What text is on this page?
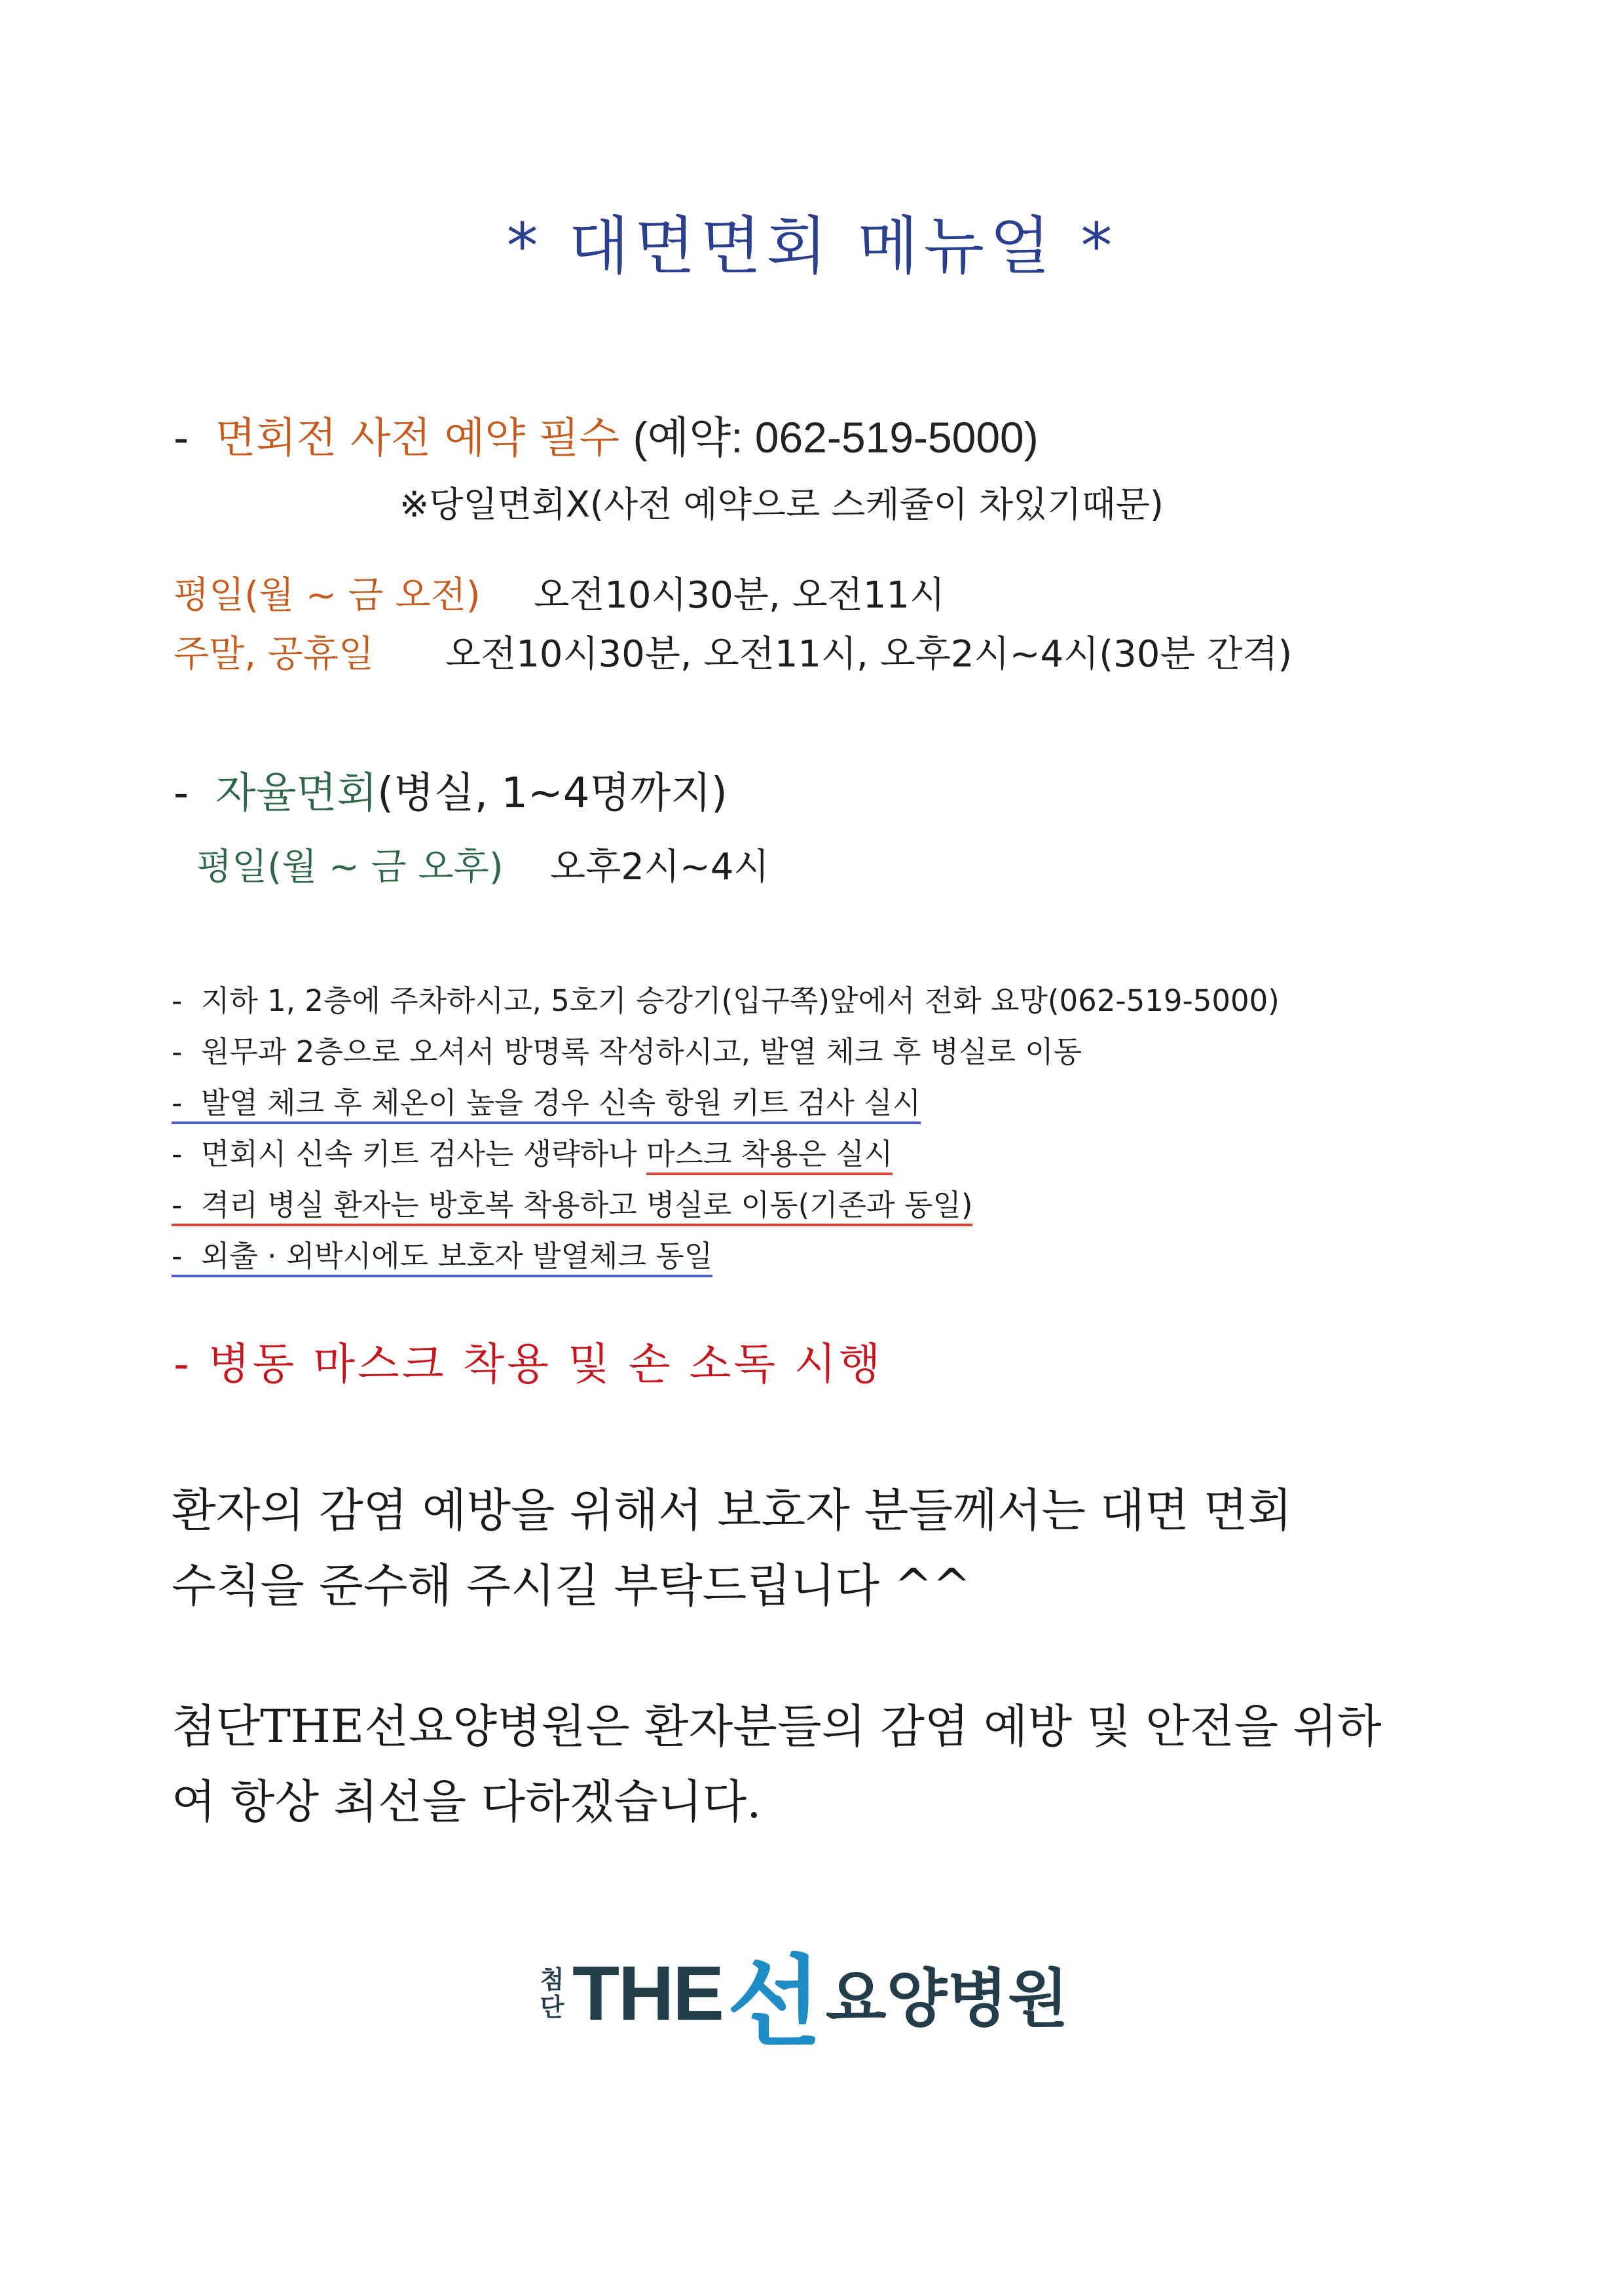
* 대면면회 메뉴얼 *
- 면회전 사전 예약 필수 (예약: 062-519-5000)
※당일면회X(사전 예약으로 스케쥴이 차있기때문)
평일(월 ~ 금 오전) 오전10시30분, 오전11시
주말, 공휴일 오전10시30분, 오전11시, 오후2시~4시(30분 간격)
- 자율면회(병실, 1~4명까지)
평일(월 ~ 금 오후) 오후2시~4시
- 지하 1, 2층에 주차하시고, 5호기 승강기(입구쪽)앞에서 전화 요망(062-519-5000)
- 원무과 2층으로 오셔서 방명록 작성하시고, 발열 체크 후 병실로 이동
- 발열 체크 후 체온이 높을 경우 신속 항원 키트 검사 실시
- 면회시 신속 키트 검사는 생략하나 마스크 착용은 실시
- 격리 병실 환자는 방호복 착용하고 병실로 이동(기존과 동일)
- 외출 · 외박시에도 보호자 발열체크 동일
- 병동 마스크 착용 및 손 소독 시행
환자의 감염 예방을 위해서 보호자 분들께서는 대면 면회
수칙을 준수해 주시길 부탁드립니다 ^^
첨단THE선요양병원은 환자분들의 감염 예방 및 안전을 위하
여 항상 최선을 다하겠습니다.
첨
단 THE 선 요양병원
